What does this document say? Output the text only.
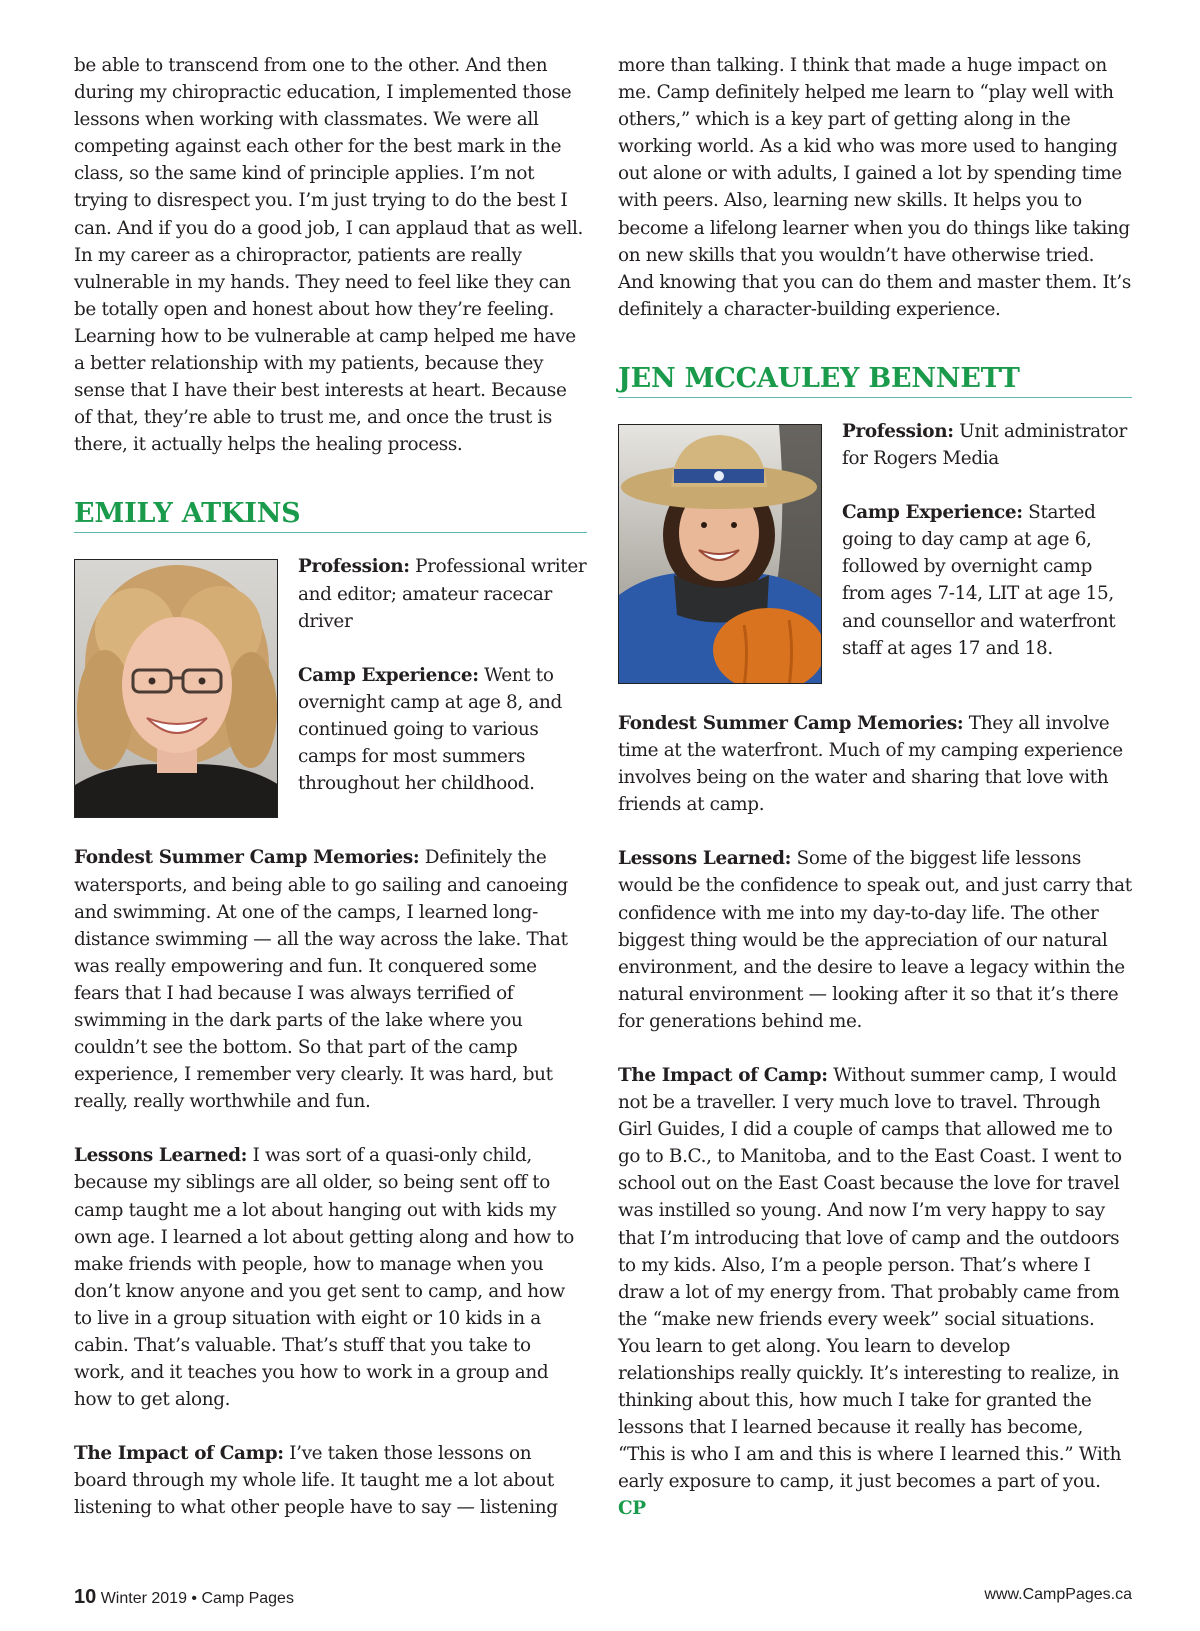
be able to transcend from one to the other. And then during my chiropractic education, I implemented those lessons when working with classmates. We were all competing against each other for the best mark in the class, so the same kind of principle applies. I’m not trying to disrespect you. I’m just trying to do the best I can. And if you do a good job, I can applaud that as well. In my career as a chiropractor, patients are really vulnerable in my hands. They need to feel like they can be totally open and honest about how they’re feeling. Learning how to be vulnerable at camp helped me have a better relationship with my patients, because they sense that I have their best interests at heart. Because of that, they’re able to trust me, and once the trust is there, it actually helps the healing process.

EMILY ATKINS

Profession: Professional writer and editor; amateur racecar driver

Camp Experience: Went to overnight camp at age 8, and continued going to various camps for most summers throughout her childhood.

Fondest Summer Camp Memories: Definitely the watersports, and being able to go sailing and canoeing and swimming. At one of the camps, I learned long-distance swimming — all the way across the lake. That was really empowering and fun. It conquered some fears that I had because I was always terrified of swimming in the dark parts of the lake where you couldn’t see the bottom. So that part of the camp experience, I remember very clearly. It was hard, but really, really worthwhile and fun.

Lessons Learned: I was sort of a quasi-only child, because my siblings are all older, so being sent off to camp taught me a lot about hanging out with kids my own age. I learned a lot about getting along and how to make friends with people, how to manage when you don’t know anyone and you get sent to camp, and how to live in a group situation with eight or 10 kids in a cabin. That’s valuable. That’s stuff that you take to work, and it teaches you how to work in a group and how to get along.

The Impact of Camp: I’ve taken those lessons on board through my whole life. It taught me a lot about listening to what other people have to say — listening

more than talking. I think that made a huge impact on me. Camp definitely helped me learn to “play well with others,” which is a key part of getting along in the working world. As a kid who was more used to hanging out alone or with adults, I gained a lot by spending time with peers. Also, learning new skills. It helps you to become a lifelong learner when you do things like taking on new skills that you wouldn’t have otherwise tried. And knowing that you can do them and master them. It’s definitely a character-building experience.

JEN MCCAULEY BENNETT

Profession: Unit administrator for Rogers Media

Camp Experience: Started going to day camp at age 6, followed by overnight camp from ages 7-14, LIT at age 15, and counsellor and waterfront staff at ages 17 and 18.

Fondest Summer Camp Memories: They all involve time at the waterfront. Much of my camping experience involves being on the water and sharing that love with friends at camp.

Lessons Learned: Some of the biggest life lessons would be the confidence to speak out, and just carry that confidence with me into my day-to-day life. The other biggest thing would be the appreciation of our natural environment, and the desire to leave a legacy within the natural environment — looking after it so that it’s there for generations behind me.

The Impact of Camp: Without summer camp, I would not be a traveller. I very much love to travel. Through Girl Guides, I did a couple of camps that allowed me to go to B.C., to Manitoba, and to the East Coast. I went to school out on the East Coast because the love for travel was instilled so young. And now I’m very happy to say that I’m introducing that love of camp and the outdoors to my kids. Also, I’m a people person. That’s where I draw a lot of my energy from. That probably came from the “make new friends every week” social situations. You learn to get along. You learn to develop relationships really quickly. It’s interesting to realize, in thinking about this, how much I take for granted the lessons that I learned because it really has become, “This is who I am and this is where I learned this.” With early exposure to camp, it just becomes a part of you. CP

10 Winter 2019 • Camp Pages	www.CampPages.ca
